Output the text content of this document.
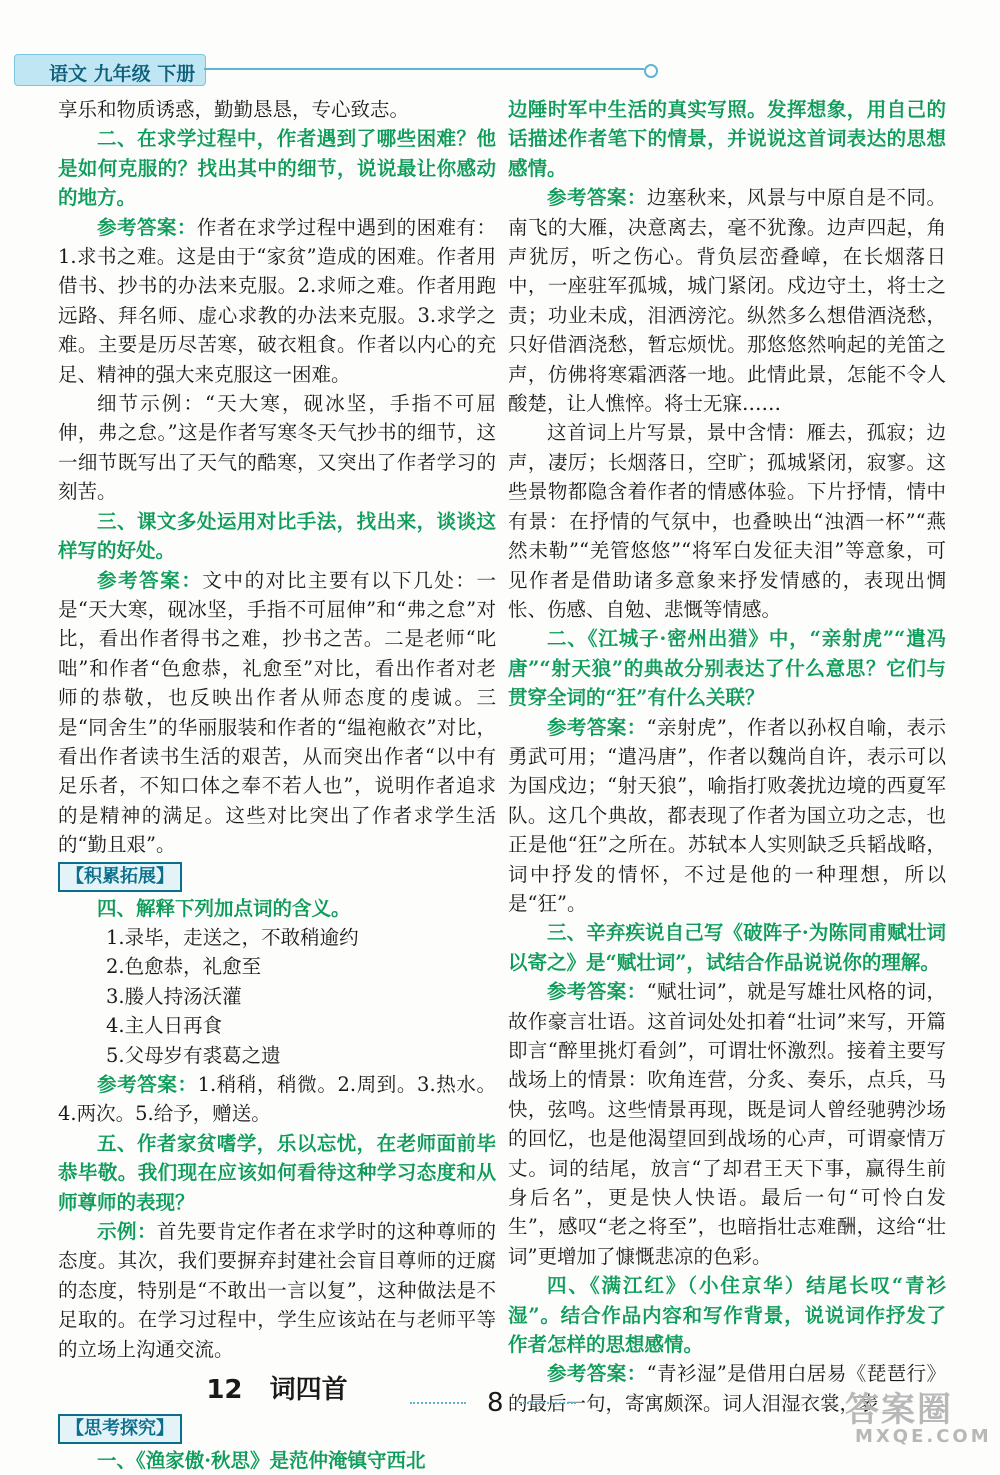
语文 九年级 下册

享乐和物质诱惑，勤勤恳恳，专心致志。

二、在求学过程中，作者遇到了哪些困难？他是如何克服的？找出其中的细节，说说最让你感动的地方。

参考答案：作者在求学过程中遇到的困难有：1.求书之难。这是由于“家贫”造成的困难。作者用借书、抄书的办法来克服。2.求师之难。作者用跑远路、拜名师、虚心求教的办法来克服。3.求学之难。主要是历尽苦寒，破衣粗食。作者以内心的充足、精神的强大来克服这一困难。

细节示例：“天大寒，砚冰坚，手指不可屈伸，弗之怠。”这是作者写寒冬天气抄书的细节，这一细节既写出了天气的酷寒，又突出了作者学习的刻苦。

三、课文多处运用对比手法，找出来，谈谈这样写的好处。

参考答案：文中的对比主要有以下几处：一是“天大寒，砚冰坚，手指不可屈伸”和“弗之怠”对比，看出作者得书之难，抄书之苦。二是老师“叱咄”和作者“色愈恭，礼愈至”对比，看出作者对老师的恭敬，也反映出作者从师态度的虔诚。三是“同舍生”的华丽服装和作者的“缊袍敝衣”对比，看出作者读书生活的艰苦，从而突出作者“以中有足乐者，不知口体之奉不若人也”，说明作者追求的是精神的满足。这些对比突出了作者求学生活的“勤且艰”。

【积累拓展】

四、解释下列加点词的含义。

1.录毕，走送之，不敢稍逾约

2.色愈恭，礼愈至

3.媵人持汤沃灌

4.主人日再食

5.父母岁有裘葛之遗

参考答案：1.稍稍，稍微。2.周到。3.热水。4.两次。5.给予，赠送。

五、作者家贫嗜学，乐以忘忧，在老师面前毕恭毕敬。我们现在应该如何看待这种学习态度和从师尊师的表现？

示例：首先要肯定作者在求学时的这种尊师的态度。其次，我们要摒弃封建社会盲目尊师的迂腐的态度，特别是“不敢出一言以复”，这种做法是不足取的。在学习过程中，学生应该站在与老师平等的立场上沟通交流。

12 词四首

【思考探究】

一、《渔家傲·秋思》是范仲淹镇守西北

边陲时军中生活的真实写照。发挥想象，用自己的话描述作者笔下的情景，并说说这首词表达的思想感情。

参考答案：边塞秋来，风景与中原自是不同。南飞的大雁，决意离去，毫不犹豫。边声四起，角声犹厉，听之伤心。背负层峦叠嶂，在长烟落日中，一座驻军孤城，城门紧闭。戍边守土，将士之责；功业未成，泪洒滂沱。纵然多么想借酒浇愁，只好借酒浇愁，暂忘烦忧。那悠悠然响起的羌笛之声，仿佛将寒霜洒落一地。此情此景，怎能不令人酸楚，让人憔悴。将士无寐……

这首词上片写景，景中含情：雁去，孤寂；边声，凄厉；长烟落日，空旷；孤城紧闭，寂寥。这些景物都隐含着作者的情感体验。下片抒情，情中有景：在抒情的气氛中，也叠映出“浊酒一杯”“燕然未勒”“羌管悠悠”“将军白发征夫泪”等意象，可见作者是借助诸多意象来抒发情感的，表现出惆怅、伤感、自勉、悲慨等情感。

二、《江城子·密州出猎》中，“亲射虎”“遣冯唐”“射天狼”的典故分别表达了什么意思？它们与贯穿全词的“狂”有什么关联？

参考答案：“亲射虎”，作者以孙权自喻，表示勇武可用；“遣冯唐”，作者以魏尚自许，表示可以为国戍边；“射天狼”，喻指打败袭扰边境的西夏军队。这几个典故，都表现了作者为国立功之志，也正是他“狂”之所在。苏轼本人实则缺乏兵韬战略，词中抒发的情怀，不过是他的一种理想，所以是“狂”。

三、辛弃疾说自己写《破阵子·为陈同甫赋壮词以寄之》是“赋壮词”，试结合作品说说你的理解。

参考答案：“赋壮词”，就是写雄壮风格的词，故作豪言壮语。这首词处处扣着“壮词”来写，开篇即言“醉里挑灯看剑”，可谓壮怀激烈。接着主要写战场上的情景：吹角连营，分炙、奏乐，点兵，马快，弦鸣。这些情景再现，既是词人曾经驰骋沙场的回忆，也是他渴望回到战场的心声，可谓豪情万丈。词的结尾，放言“了却君王天下事，赢得生前身后名”，更是快人快语。最后一句“可怜白发生”，感叹“老之将至”，也暗指壮志难酬，这给“壮词”更增加了慷慨悲凉的色彩。

四、《满江红》（小住京华）结尾长叹“青衫湿”。结合作品内容和写作背景，说说词作抒发了作者怎样的思想感情。

参考答案：“青衫湿”是借用白居易《琵琶行》的最后一句，寄寓颇深。词人泪湿衣裳，表

8	答案圈
MXQE.COM
